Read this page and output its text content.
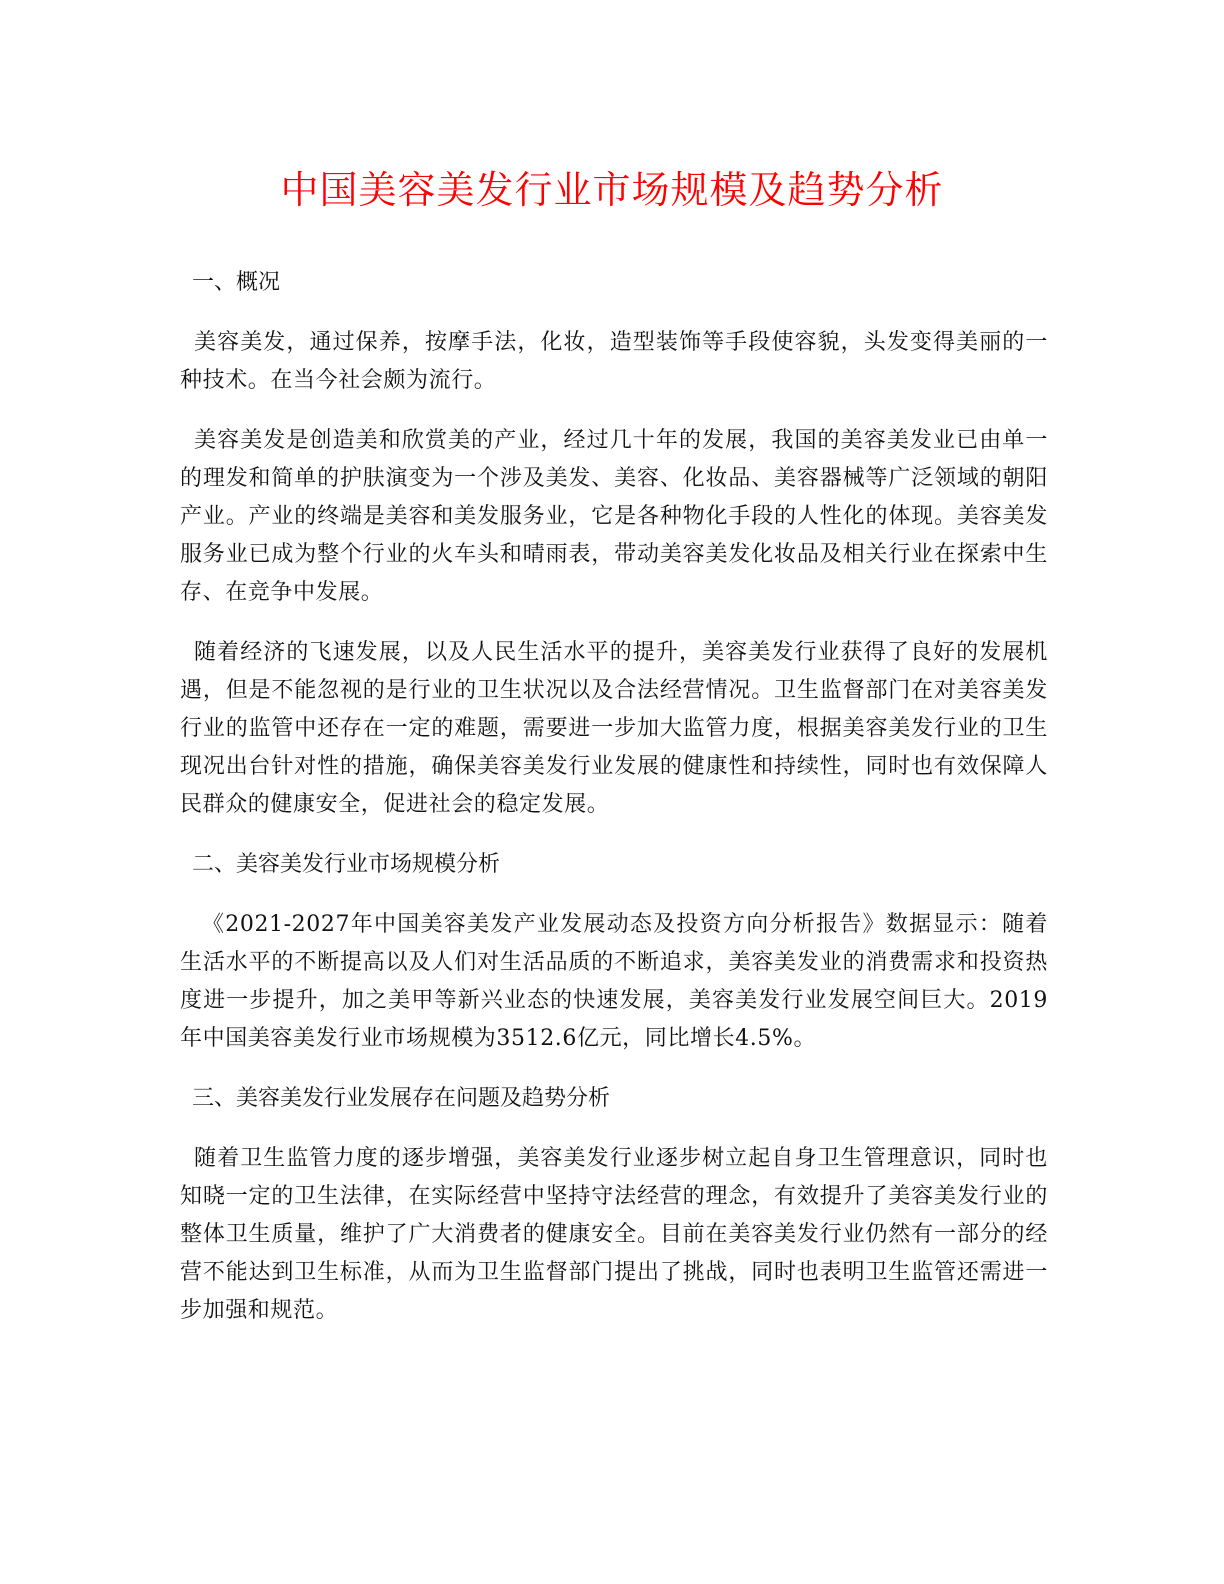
中国美容美发行业市场规模及趋势分析

一、概况

美容美发，通过保养，按摩手法，化妆，造型装饰等手段使容貌，头发变得美丽的一种技术。在当今社会颇为流行。

美容美发是创造美和欣赏美的产业，经过几十年的发展，我国的美容美发业已由单一的理发和简单的护肤演变为一个涉及美发、美容、化妆品、美容器械等广泛领域的朝阳产业。产业的终端是美容和美发服务业，它是各种物化手段的人性化的体现。美容美发服务业已成为整个行业的火车头和晴雨表，带动美容美发化妆品及相关行业在探索中生存、在竞争中发展。

随着经济的飞速发展，以及人民生活水平的提升，美容美发行业获得了良好的发展机遇，但是不能忽视的是行业的卫生状况以及合法经营情况。卫生监督部门在对美容美发行业的监管中还存在一定的难题，需要进一步加大监管力度，根据美容美发行业的卫生现况出台针对性的措施，确保美容美发行业发展的健康性和持续性，同时也有效保障人民群众的健康安全，促进社会的稳定发展。

二、美容美发行业市场规模分析

《2021-2027年中国美容美发产业发展动态及投资方向分析报告》数据显示：随着生活水平的不断提高以及人们对生活品质的不断追求，美容美发业的消费需求和投资热度进一步提升，加之美甲等新兴业态的快速发展，美容美发行业发展空间巨大。2019年中国美容美发行业市场规模为3512.6亿元，同比增长4.5%。

三、美容美发行业发展存在问题及趋势分析

随着卫生监管力度的逐步增强，美容美发行业逐步树立起自身卫生管理意识，同时也知晓一定的卫生法律，在实际经营中坚持守法经营的理念，有效提升了美容美发行业的整体卫生质量，维护了广大消费者的健康安全。目前在美容美发行业仍然有一部分的经营不能达到卫生标准，从而为卫生监督部门提出了挑战，同时也表明卫生监管还需进一步加强和规范。
